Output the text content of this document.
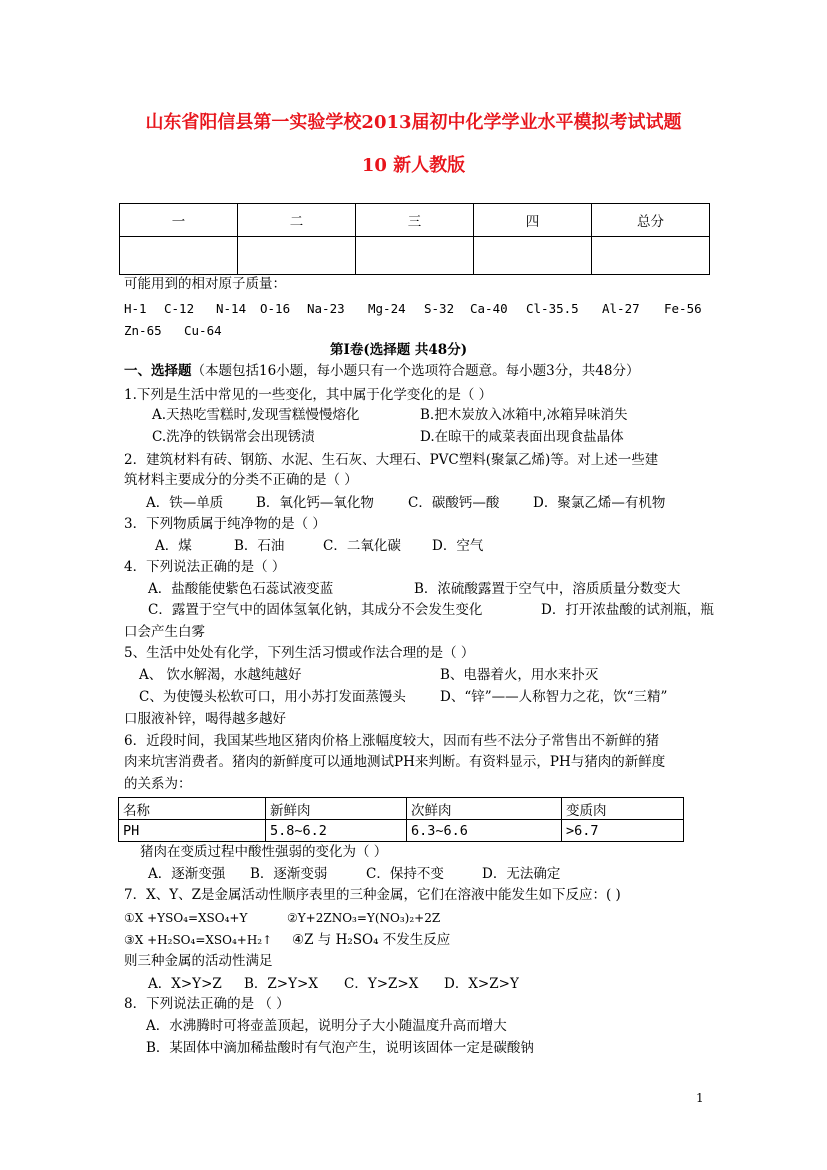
山东省阳信县第一实验学校2013届初中化学学业水平模拟考试试题
10 新人教版
一	二	三	四	总分

可能用到的相对原子质量：
H-1 C-12 N-14 O-16 Na-23 Mg-24 S-32 Ca-40 Cl-35.5 Al-27 Fe-56
Zn-65 Cu-64
第Ⅰ卷(选择题 共48分)
一、选择题（本题包括16小题，每小题只有一个选项符合题意。每小题3分，共48分）
1.下列是生活中常见的一些变化，其中属于化学变化的是（ ）
A.天热吃雪糕时,发现雪糕慢慢熔化	B.把木炭放入冰箱中,冰箱异味消失
C.洗净的铁锅常会出现锈渍	D.在晾干的咸菜表面出现食盐晶体
2．建筑材料有砖、钢筋、水泥、生石灰、大理石、PVC塑料(聚氯乙烯)等。对上述一些建
筑材料主要成分的分类不正确的是（ ）
A．铁—单质 B．氧化钙—氧化物	C．碳酸钙—酸 D．聚氯乙烯—有机物
3．下列物质属于纯净物的是（ ）
A．煤	B．石油	C．二氧化碳 D．空气
4．下列说法正确的是（ ）
A．盐酸能使紫色石蕊试液变蓝	B．浓硫酸露置于空气中，溶质质量分数变大
C．露置于空气中的固体氢氧化钠，其成分不会发生变化	D．打开浓盐酸的试剂瓶，瓶
口会产生白雾
5、生活中处处有化学，下列生活习惯或作法合理的是（ ）
A、 饮水解渴，水越纯越好	B、电器着火，用水来扑灭
C、为使馒头松软可口，用小苏打发面蒸馒头	D、“锌”——人称智力之花，饮“三精”
口服液补锌，喝得越多越好
6．近段时间，我国某些地区猪肉价格上涨幅度较大，因而有些不法分子常售出不新鲜的猪
肉来坑害消费者。猪肉的新鲜度可以通地测试PH来判断。有资料显示，PH与猪肉的新鲜度
的关系为：
名称	新鲜肉	次鲜肉	变质肉
PH	5.8~6.2	6.3~6.6	>6.7
猪肉在变质过程中酸性强弱的变化为（ ）
A．逐渐变强 B．逐渐变弱	C．保持不变	D．无法确定
7．X、Y、Z是金属活动性顺序表里的三种金属，它们在溶液中能发生如下反应：( )
①X +YSO₄=XSO₄+Y	②Y+2ZNO₃=Y(NO₃)₂+2Z
③X +H₂SO₄=XSO₄+H₂↑ ④Z 与 H₂SO₄ 不发生反应
则三种金属的活动性满足
A．X>Y>Z B．Z>Y>X C．Y>Z>X D．X>Z>Y
8．下列说法正确的是 （ ）
A．水沸腾时可将壶盖顶起，说明分子大小随温度升高而增大
B．某固体中滴加稀盐酸时有气泡产生，说明该固体一定是碳酸钠
1
